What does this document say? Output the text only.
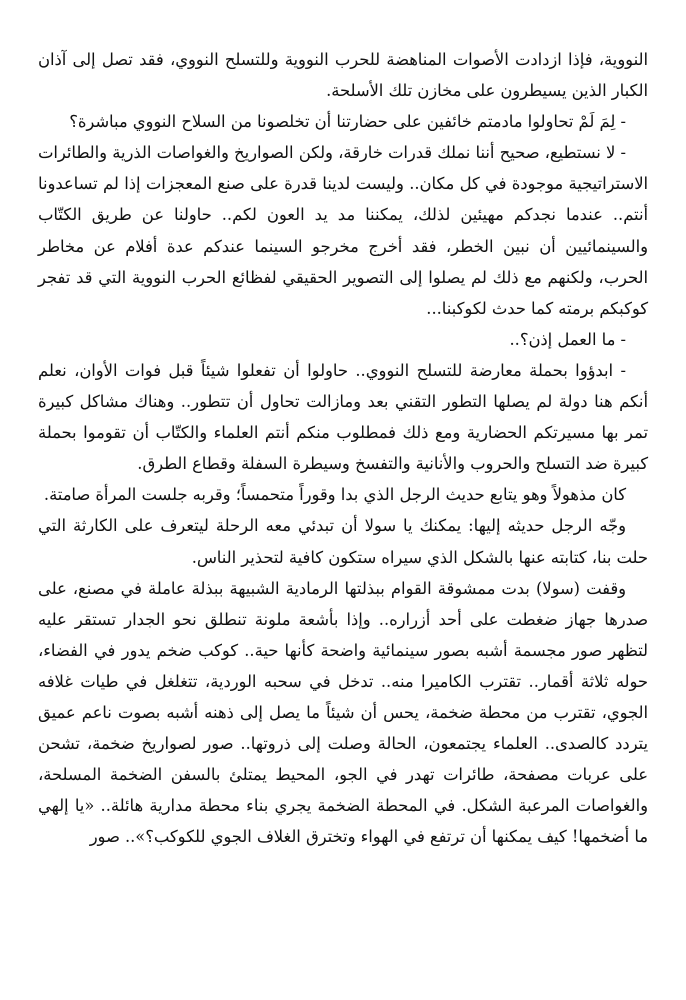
النووية، فإذا ازدادت الأصوات المناهضة للحرب النووية وللتسلح النووي، فقد تصل إلى آذان الكبار الذين يسيطرون على مخازن تلك الأسلحة.

- لِمَ لَمْ تحاولوا مادمتم خائفين على حضارتنا أن تخلصونا من السلاح النووي مباشرة؟

- لا نستطيع، صحيح أننا نملك قدرات خارقة، ولكن الصواريخ والغواصات الذرية والطائرات الاستراتيجية موجودة في كل مكان.. وليست لدينا قدرة على صنع المعجزات إذا لم تساعدونا أنتم.. عندما نجدكم مهيئين لذلك، يمكننا مد يد العون لكم.. حاولنا عن طريق الكتّاب والسينمائيين أن نبين الخطر، فقد أخرج مخرجو السينما عندكم عدة أفلام عن مخاطر الحرب، ولكنهم مع ذلك لم يصلوا إلى التصوير الحقيقي لفظائع الحرب النووية التي قد تفجر كوكبكم برمته كما حدث لكوكبنا...

- ما العمل إذن؟..

- ابدؤوا بحملة معارضة للتسلح النووي.. حاولوا أن تفعلوا شيئاً قبل فوات الأوان، نعلم أنكم هنا دولة لم يصلها التطور التقني بعد ومازالت تحاول أن تتطور.. وهناك مشاكل كبيرة تمر بها مسيرتكم الحضارية ومع ذلك فمطلوب منكم أنتم العلماء والكتّاب أن تقوموا بحملة كبيرة ضد التسلح والحروب والأنانية والتفسخ وسيطرة السفلة وقطاع الطرق.

كان مذهولاً وهو يتابع حديث الرجل الذي بدا وقوراً متحمساً؛ وقربه جلست المرأة صامتة.

وجّه الرجل حديثه إليها: يمكنك يا سولا أن تبدئي معه الرحلة ليتعرف على الكارثة التي حلت بنا، كتابته عنها بالشكل الذي سيراه ستكون كافية لتحذير الناس.

وقفت (سولا) بدت ممشوقة القوام ببذلتها الرمادية الشبيهة ببذلة عاملة في مصنع، على صدرها جهاز ضغطت على أحد أزراره.. وإذا بأشعة ملونة تنطلق نحو الجدار تستقر عليه لتظهر صور مجسمة أشبه بصور سينمائية واضحة كأنها حية.. كوكب ضخم يدور في الفضاء، حوله ثلاثة أقمار.. تقترب الكاميرا منه.. تدخل في سحبه الوردية، تتغلغل في طيات غلافه الجوي، تقترب من محطة ضخمة، يحس أن شيئاً ما يصل إلى ذهنه أشبه بصوت ناعم عميق يتردد كالصدى.. العلماء يجتمعون، الحالة وصلت إلى ذروتها.. صور لصواريخ ضخمة، تشحن على عربات مصفحة، طائرات تهدر في الجو، المحيط يمتلئ بالسفن الضخمة المسلحة، والغواصات المرعبة الشكل. في المحطة الضخمة يجري بناء محطة مدارية هائلة.. «يا إلهي ما أضخمها! كيف يمكنها أن ترتفع في الهواء وتخترق الغلاف الجوي للكوكب؟».. صور
